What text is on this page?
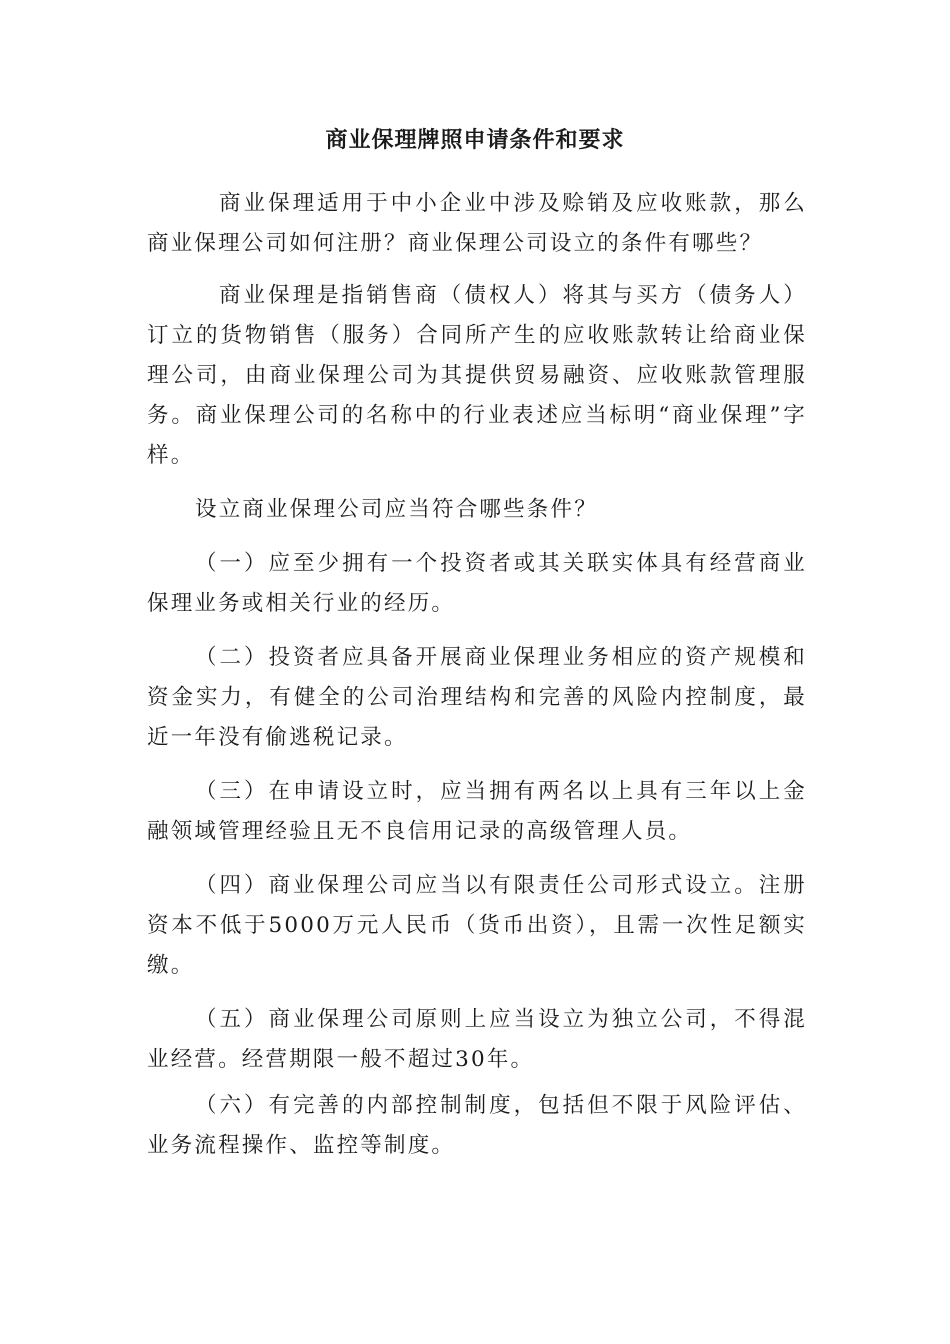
商业保理牌照申请条件和要求

商业保理适用于中小企业中涉及赊销及应收账款，那么商业保理公司如何注册？商业保理公司设立的条件有哪些？

商业保理是指销售商（债权人）将其与买方（债务人）订立的货物销售（服务）合同所产生的应收账款转让给商业保理公司，由商业保理公司为其提供贸易融资、应收账款管理服务。商业保理公司的名称中的行业表述应当标明“商业保理”字样。

设立商业保理公司应当符合哪些条件？

（一）应至少拥有一个投资者或其关联实体具有经营商业保理业务或相关行业的经历。

（二）投资者应具备开展商业保理业务相应的资产规模和资金实力，有健全的公司治理结构和完善的风险内控制度，最近一年没有偷逃税记录。

（三）在申请设立时，应当拥有两名以上具有三年以上金融领域管理经验且无不良信用记录的高级管理人员。

（四）商业保理公司应当以有限责任公司形式设立。注册资本不低于5000万元人民币（货币出资），且需一次性足额实缴。

（五）商业保理公司原则上应当设立为独立公司，不得混业经营。经营期限一般不超过30年。

（六）有完善的内部控制制度，包括但不限于风险评估、业务流程操作、监控等制度。
